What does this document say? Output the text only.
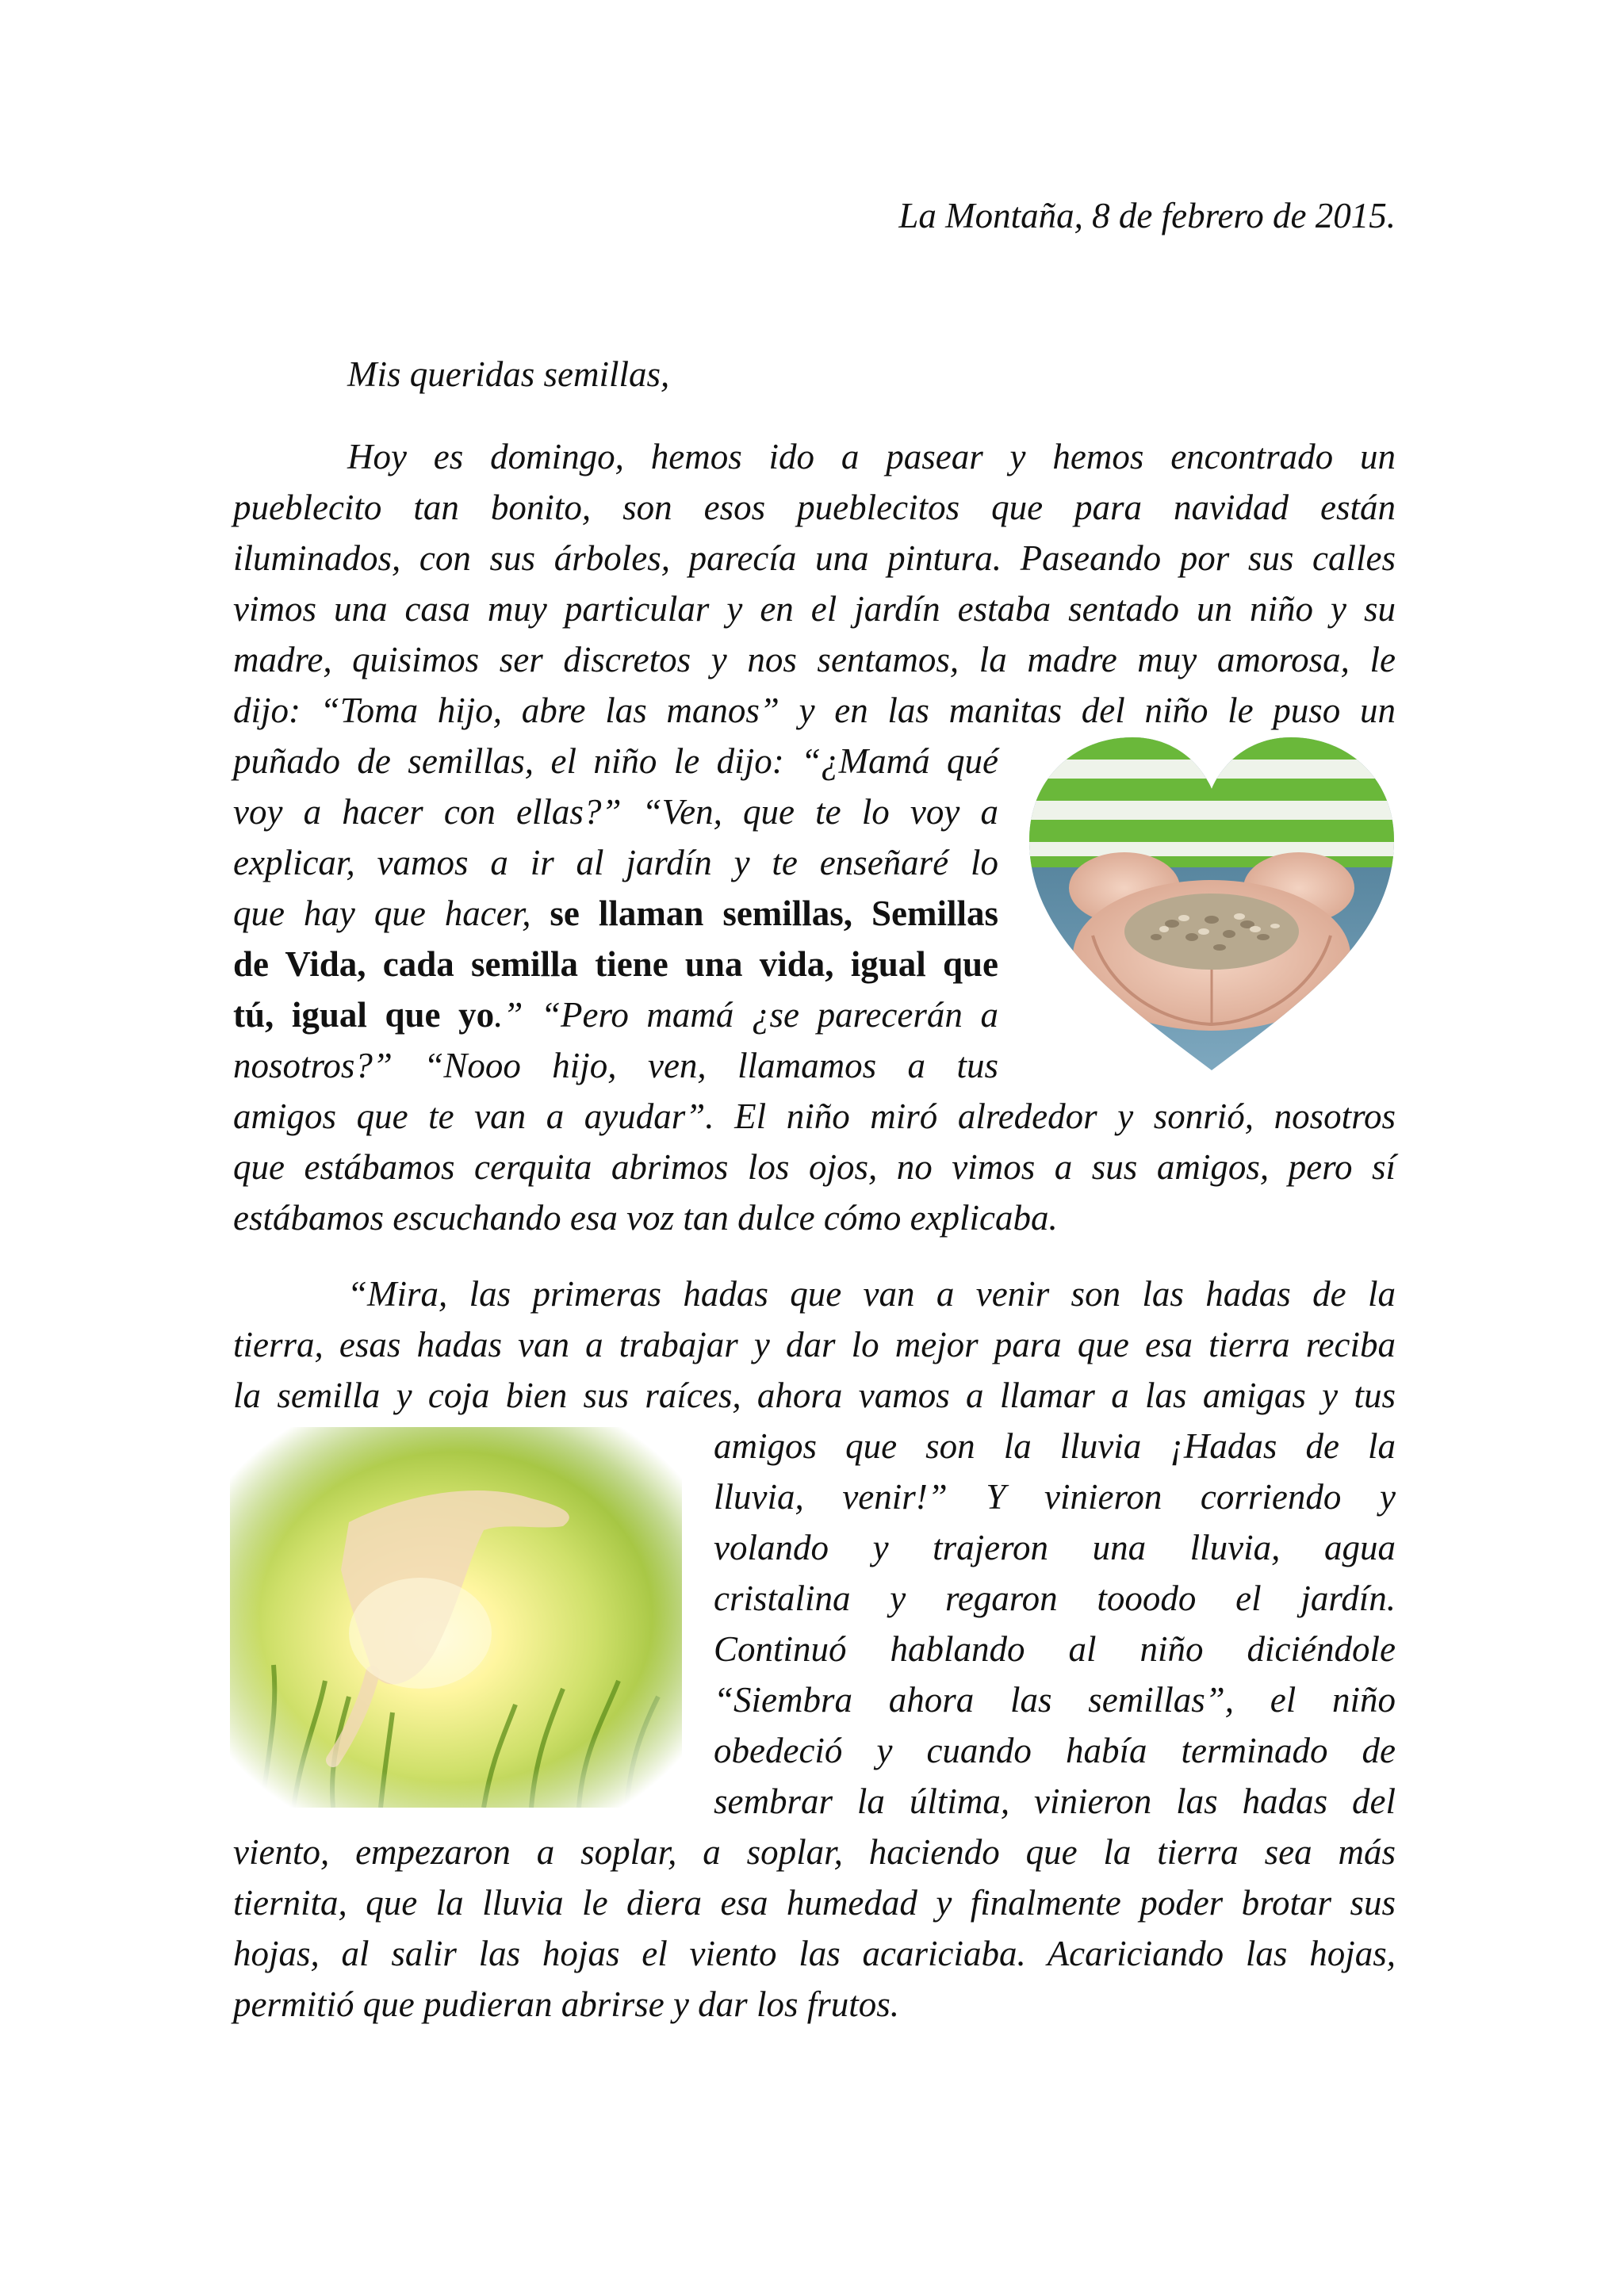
La Montaña, 8 de febrero de 2015.
Mis queridas semillas,
Hoy es domingo, hemos ido a pasear y hemos encontrado un
pueblecito tan bonito, son esos pueblecitos que para navidad están
iluminados, con sus árboles, parecía una pintura. Paseando por sus calles
vimos una casa muy particular y en el jardín estaba sentado un niño y su
madre, quisimos ser discretos y nos sentamos, la madre muy amorosa, le
dijo: “Toma hijo, abre las manos” y en las manitas del niño le puso un
puñado de semillas, el niño le dijo: “¿Mamá qué
voy a hacer con ellas?” “Ven, que te lo voy a
explicar, vamos a ir al jardín y te enseñaré lo
que hay que hacer, se llaman semillas, Semillas
de Vida, cada semilla tiene una vida, igual que
tú, igual que yo.” “Pero mamá ¿se parecerán a
nosotros?” “Nooo hijo, ven, llamamos a tus
amigos que te van a ayudar”. El niño miró alrededor y sonrió, nosotros
que estábamos cerquita abrimos los ojos, no vimos a sus amigos, pero sí
estábamos escuchando esa voz tan dulce cómo explicaba.
“Mira, las primeras hadas que van a venir son las hadas de la
tierra, esas hadas van a trabajar y dar lo mejor para que esa tierra reciba
la semilla y coja bien sus raíces, ahora vamos a llamar a las amigas y tus
amigos que son la lluvia ¡Hadas de la
lluvia, venir!” Y vinieron corriendo y
volando y trajeron una lluvia, agua
cristalina y regaron tooodo el jardín.
Continuó hablando al niño diciéndole
“Siembra ahora las semillas”, el niño
obedeció y cuando había terminado de
sembrar la última, vinieron las hadas del
viento, empezaron a soplar, a soplar, haciendo que la tierra sea más
tiernita, que la lluvia le diera esa humedad y finalmente poder brotar sus
hojas, al salir las hojas el viento las acariciaba. Acariciando las hojas,
permitió que pudieran abrirse y dar los frutos.
